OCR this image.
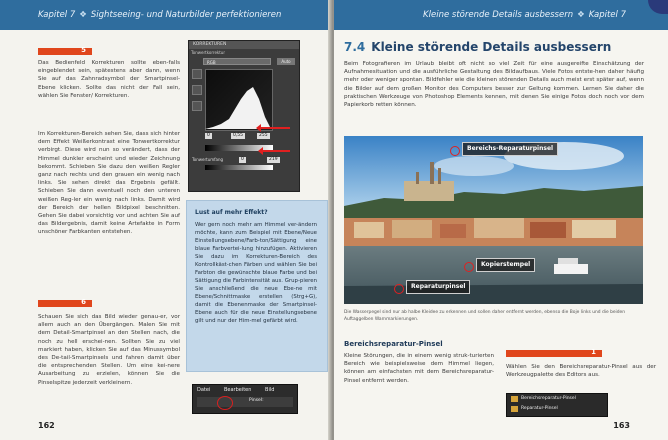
Kapitel 7 ❖ Sightseeing- und Naturbilder perfektionieren
5

Das Bedienfeld Korrekturen sollte eben-falls eingeblendet sein, spätestens aber dann, wenn Sie auf das Zahnradsymbol der Smartpinsel-Ebene klicken. Sollte das nicht der Fall sein, wählen Sie Fenster/ Korrekturen.

Im Korrekturen-Bereich sehen Sie, dass sich hinter dem Effekt Weißerkontrast eine Tonwertkorrektur verbirgt. Diese wird nun so verändert, dass der Himmel dunkler erscheint und wieder Zeichnung bekommt. Schieben Sie dazu den weißen Regler ganz nach rechts und den grauen ein wenig nach links. Sie sehen direkt das Ergebnis gefällt. Schieben Sie dann eventuell noch den unteren weißen Reg-ler ein wenig nach links. Damit wird der Bereich der hellen Bildpixel beschnitten. Gehen Sie dabei vorsichtig vor und achten Sie auf das Bildergebnis, damit keine Artefakte in Form unschöner Farbkanten entstehen.

6

Schauen Sie sich das Bild wieder genau-er, vor allem auch an den Übergängen. Malen Sie mit dem Detail-Smartpinsel an den Stellen nach, die noch zu hell erschei-nen. Sollten Sie zu viel markiert haben, klicken Sie auf das Minussymbol des De-tail-Smartpinsels und fahren damit über die entsprechenden Stellen. Um eine kei-nere Ausarbeitung zu erzielen, können Sie die Pinselspitze jederzeit verkleinern.

KORREKTUREN
Tonwertkorrektur
RGB	Auto
0	0,55	255
Tonwertumfang	0	219
Lust auf mehr Effekt?
Wer gern noch mehr am Himmel ver-ändern möchte, kann zum Beispiel mit Ebene/Neue Einstellungsebene/Farb-ton/Sättigung eine blaue Farbvertei-lung hinzufügen. Aktivieren Sie dazu im Korrekturen-Bereich des Kontrollkäst-chen Färben und wählen Sie bei Farbton die gewünschte blaue Farbe und bei Sättigung die Farbintensität aus. Grup-pieren Sie anschließend die neue Ebe-ne mit Ebene/Schnittmaske erstellen (Strg+G), damit die Ebenenmaske der Smartpinsel-Ebene auch für die neue Einstellungsebene gilt und nur der Him-mel gefärbt wird.
Datei	Bearbeiten	Bild
Pinsel:
162
Kleine störende Details ausbessern ❖ Kapitel 7
7.4 Kleine störende Details ausbessern

Beim Fotografieren im Urlaub bleibt oft nicht so viel Zeit für eine ausgereifte Einschätzung der Aufnahmesituation und die ausführliche Gestaltung des Bildaufbaus. Viele Fotos entste-hen daher häufig mehr oder weniger spontan. Bildfehler wie die kleinen störenden Details auch meist erst später auf, wenn die Bilder auf dem großen Monitor des Computers besser zur Geltung kommen. Lernen Sie daher die praktischen Werkzeuge von Photoshop Elements kennen, mit denen Sie einige Fotos doch noch vor dem Papierkorb retten können.

Bereichs-Reparaturpinsel
Kopierstempel
Reparaturpinsel
Die Wasserpegel sind nur ab halbe Kleidee zu erkennen und sollen daher entfernt werden, ebenso die Boje links und die beiden Auftaggelben Warnmarkierungen.
Bereichsreparatur-Pinsel

Kleine Störungen, die in einem wenig struk-turierten Bereich wie beispielsweise dem Himmel liegen, können am einfachsten mit dem Bereichsreparatur-Pinsel entfernt werden.

1

Wählen Sie den Bereichsreparatur-Pinsel aus der Werkzeugpalette des Editors aus.

Bereichsreparatur-Pinsel
Reparatur-Pinsel
163
